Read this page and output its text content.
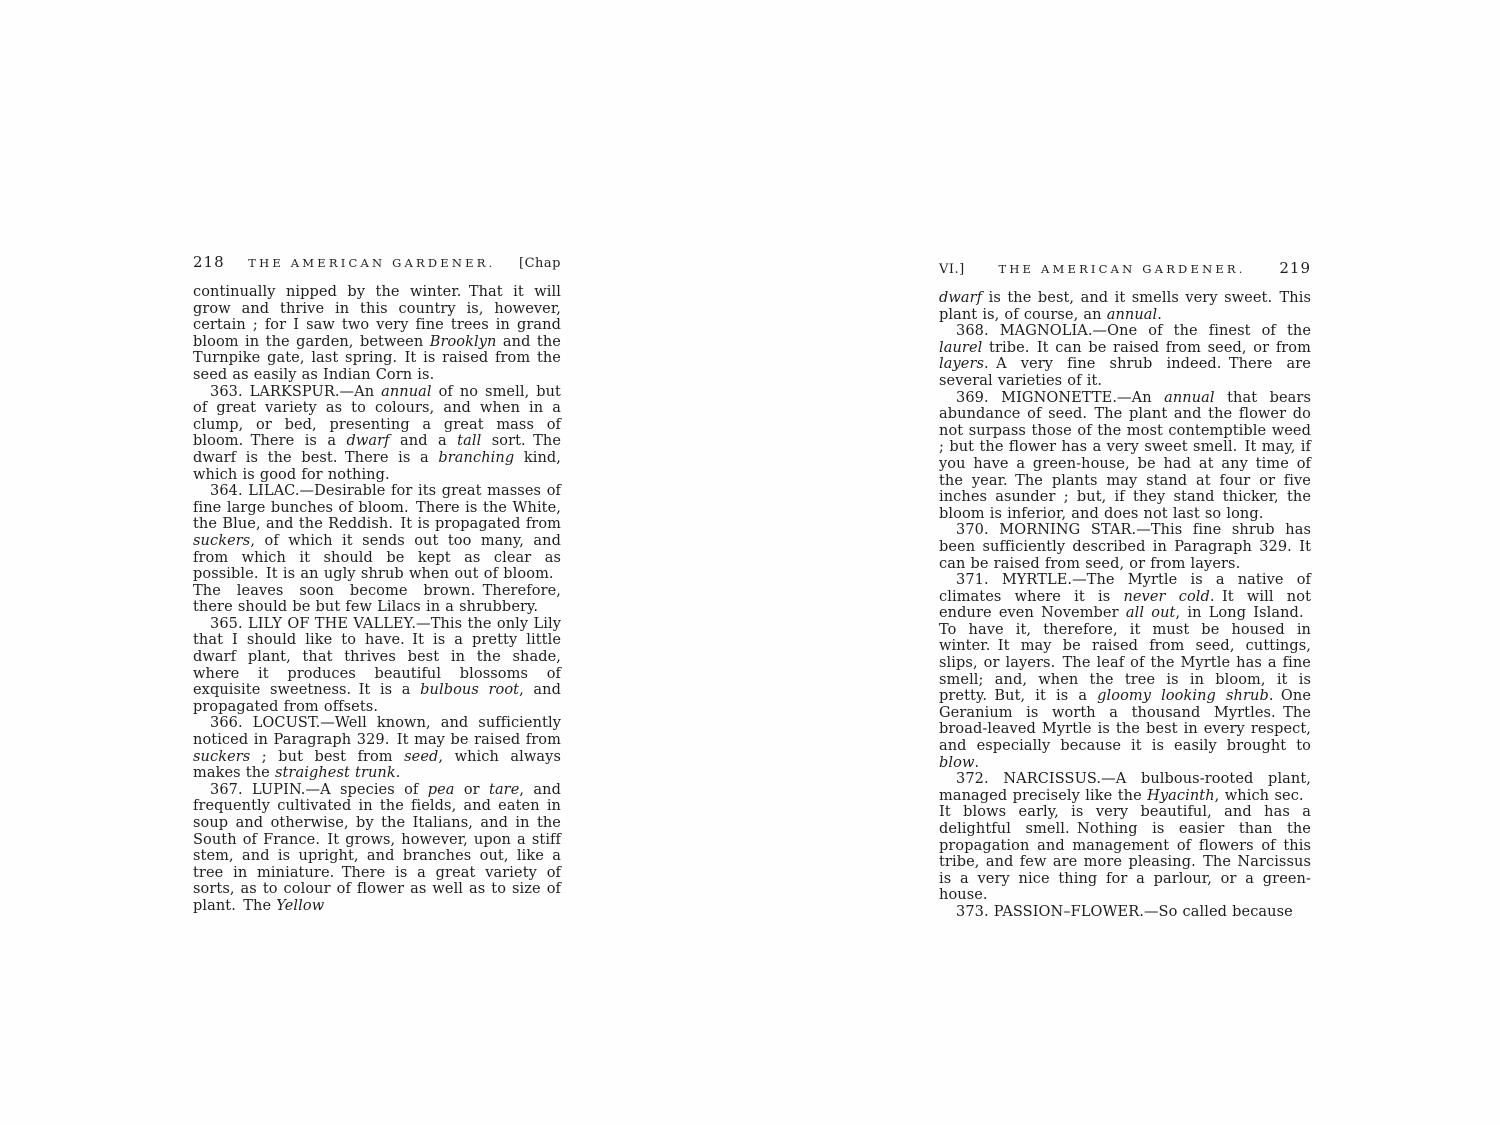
218 THE AMERICAN GARDENER. [Chap

continually nipped by the winter. That it will grow and thrive in this country is, however, certain ; for I saw two very fine trees in grand bloom in the garden, between Brooklyn and the Turnpike gate, last spring. It is raised from the seed as easily as Indian Corn is.

363. LARKSPUR.—An annual of no smell, but of great variety as to colours, and when in a clump, or bed, presenting a great mass of bloom. There is a dwarf and a tall sort. The dwarf is the best. There is a branching kind, which is good for nothing.

364. LILAC.—Desirable for its great masses of fine large bunches of bloom. There is the White, the Blue, and the Reddish. It is propagated from suckers, of which it sends out too many, and from which it should be kept as clear as possible. It is an ugly shrub when out of bloom. The leaves soon become brown. Therefore, there should be but few Lilacs in a shrubbery.

365. LILY OF THE VALLEY.—This the only Lily that I should like to have. It is a pretty little dwarf plant, that thrives best in the shade, where it produces beautiful blossoms of exquisite sweetness. It is a bulbous root, and propagated from offsets.

366. LOCUST.—Well known, and sufficiently noticed in Paragraph 329. It may be raised from suckers ; but best from seed, which always makes the straighest trunk.

367. LUPIN.—A species of pea or tare, and frequently cultivated in the fields, and eaten in soup and otherwise, by the Italians, and in the South of France. It grows, however, upon a stiff stem, and is upright, and branches out, like a tree in miniature. There is a great variety of sorts, as to colour of flower as well as to size of plant. The Yellow

VI.]	THE AMERICAN GARDENER. 219

dwarf is the best, and it smells very sweet. This plant is, of course, an annual.

368. MAGNOLIA.—One of the finest of the laurel tribe. It can be raised from seed, or from layers. A very fine shrub indeed. There are several varieties of it.

369. MIGNONETTE.—An annual that bears abundance of seed. The plant and the flower do not surpass those of the most contemptible weed ; but the flower has a very sweet smell. It may, if you have a green-house, be had at any time of the year. The plants may stand at four or five inches asunder ; but, if they stand thicker, the bloom is inferior, and does not last so long.

370. MORNING STAR.—This fine shrub has been sufficiently described in Paragraph 329. It can be raised from seed, or from layers.

371. MYRTLE.—The Myrtle is a native of climates where it is never cold. It will not endure even November all out, in Long Island. To have it, therefore, it must be housed in winter. It may be raised from seed, cuttings, slips, or layers. The leaf of the Myrtle has a fine smell; and, when the tree is in bloom, it is pretty. But, it is a gloomy looking shrub. One Geranium is worth a thousand Myrtles. The broad-leaved Myrtle is the best in every respect, and especially because it is easily brought to blow.

372. NARCISSUS.—A bulbous-rooted plant, managed precisely like the Hyacinth, which sec. It blows early, is very beautiful, and has a delightful smell. Nothing is easier than the propagation and management of flowers of this tribe, and few are more pleasing. The Narcissus is a very nice thing for a parlour, or a green-house.

373. PASSION–FLOWER.—So called because
